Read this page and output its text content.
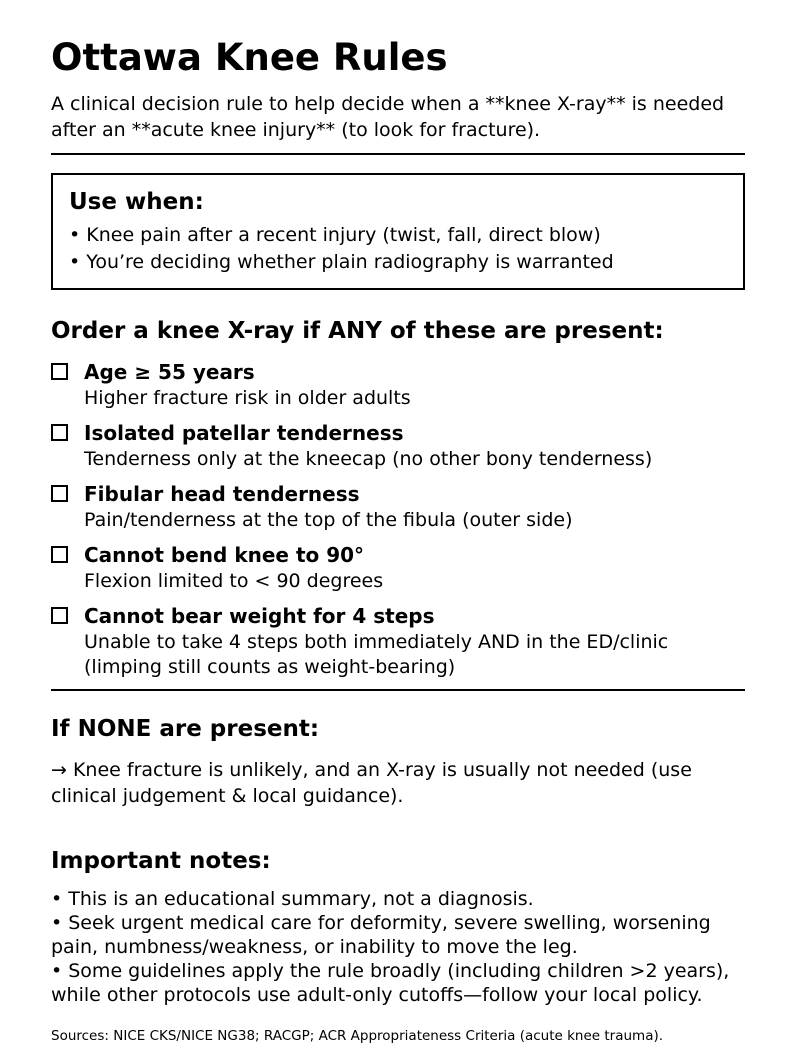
Ottawa Knee Rules

A clinical decision rule to help decide when a **knee X-ray** is needed after an **acute knee injury** (to look for fracture).

Use when:
• Knee pain after a recent injury (twist, fall, direct blow)
• You’re deciding whether plain radiography is warranted
Order a knee X-ray if ANY of these are present:
Age ≥ 55 years
Higher fracture risk in older adults
Isolated patellar tenderness
Tenderness only at the kneecap (no other bony tenderness)
Fibular head tenderness
Pain/tenderness at the top of the fibula (outer side)
Cannot bend knee to 90°
Flexion limited to < 90 degrees
Cannot bear weight for 4 steps
Unable to take 4 steps both immediately AND in the ED/clinic (limping still counts as weight-bearing)
If NONE are present:

→ Knee fracture is unlikely, and an X-ray is usually not needed (use clinical judgement & local guidance).

Important notes:

• This is an educational summary, not a diagnosis.

• Seek urgent medical care for deformity, severe swelling, worsening pain, numbness/weakness, or inability to move the leg.

• Some guidelines apply the rule broadly (including children >2 years), while other protocols use adult-only cutoffs—follow your local policy.

Sources: NICE CKS/NICE NG38; RACGP; ACR Appropriateness Criteria (acute knee trauma).
